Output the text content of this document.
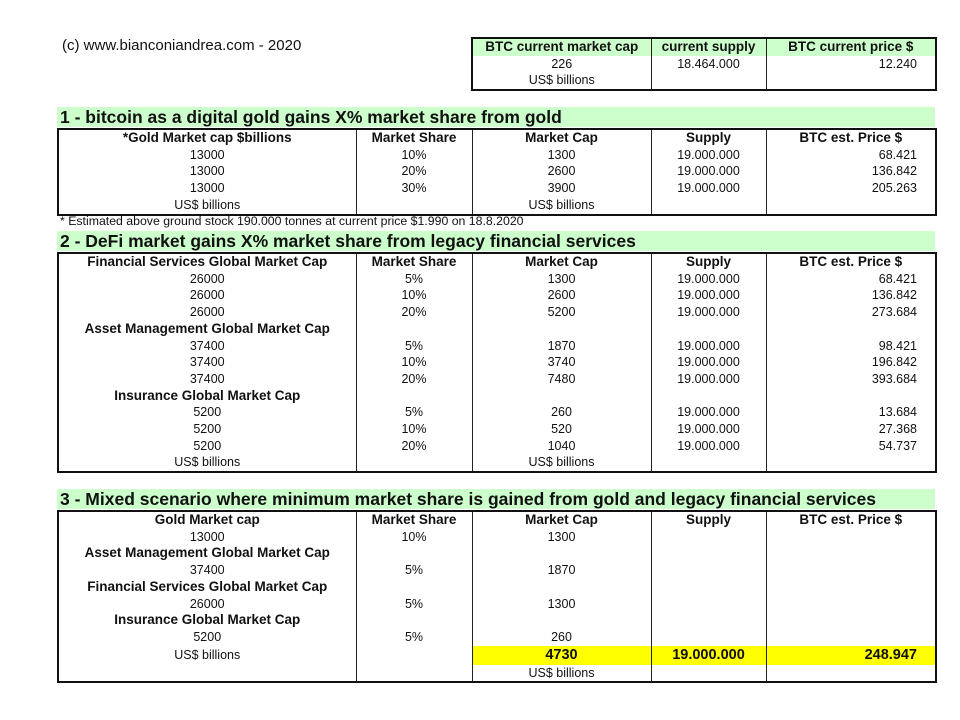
(c) www.bianconiandrea.com - 2020	BTC current market cap	current supply	BTC current price $
226	18.464.000	12.240
US$ billions		
1 - bitcoin as a digital gold gains X% market share from gold
*Gold Market cap $billions	Market Share	Market Cap	Supply	BTC est. Price $
13000	10%	1300	19.000.000	68.421
13000	20%	2600	19.000.000	136.842
13000	30%	3900	19.000.000	205.263
US$ billions		US$ billions		
* Estimated above ground stock 190.000 tonnes at current price $1.990 on 18.8.2020
2 - DeFi market gains X% market share from legacy financial services
Financial Services Global Market Cap	Market Share	Market Cap	Supply	BTC est. Price $
26000	5%	1300	19.000.000	68.421
26000	10%	2600	19.000.000	136.842
26000	20%	5200	19.000.000	273.684
Asset Management Global Market Cap				
37400	5%	1870	19.000.000	98.421
37400	10%	3740	19.000.000	196.842
37400	20%	7480	19.000.000	393.684
Insurance Global Market Cap				
5200	5%	260	19.000.000	13.684
5200	10%	520	19.000.000	27.368
5200	20%	1040	19.000.000	54.737
US$ billions		US$ billions		
3 - Mixed scenario where minimum market share is gained from gold and legacy financial services
Gold Market cap	Market Share	Market Cap	Supply	BTC est. Price $
13000	10%	1300		
Asset Management Global Market Cap				
37400	5%	1870		
Financial Services Global Market Cap				
26000	5%	1300		
Insurance Global Market Cap				
5200	5%	260		
US$ billions		4730	19.000.000	248.947
		US$ billions		
